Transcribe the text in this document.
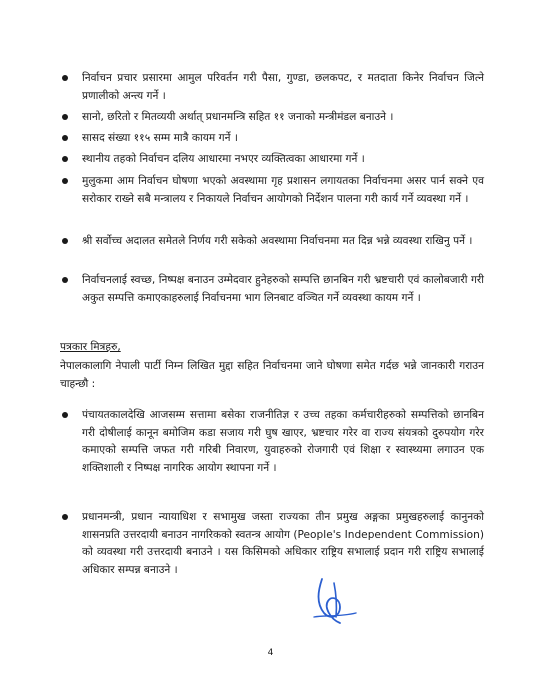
निर्वाचन प्रचार प्रसारमा आमुल परिवर्तन गरी पैसा, गुण्डा, छलकपट, र मतदाता किनेर निर्वाचन जित्ने प्रणालीको अन्त्य गर्ने ।
सानो, छरितो र मितव्ययी अर्थात् प्रधानमन्त्रि सहित ११ जनाको मन्त्रीमंडल बनाउने ।
सासद संख्या ११५ सम्म मात्रै कायम गर्ने ।
स्थानीय तहको निर्वाचन दलिय आधारमा नभएर व्यक्तित्वका आधारमा गर्ने ।
मुलुकमा आम निर्वाचन घोषणा भएको अवस्थामा गृह प्रशासन लगायतका निर्वाचनमा असर पार्न सक्ने एव सरोकार राख्ने सबै मन्त्रालय र निकायले निर्वाचन आयोगको निर्देशन पालना गरी कार्य गर्ने व्यवस्था गर्ने ।
श्री सर्वोच्च अदालत समेतले निर्णय गरी सकेको अवस्थामा निर्वाचनमा मत दिन्न भन्ने व्यवस्था राखिनु पर्ने ।
निर्वाचनलाई स्वच्छ, निष्पक्ष बनाउन उम्मेदवार हुनेहरुको सम्पत्ति छानबिन गरी भ्रष्टचारी एवं कालोबजारी गरी अकुत सम्पत्ति कमाएकाहरुलाई निर्वाचनमा भाग लिनबाट वञ्चित गर्ने व्यवस्था कायम गर्ने ।
पत्रकार मित्रहरु,
नेपालकालागि नेपाली पार्टी निम्न लिखित मुद्दा सहित निर्वाचनमा जाने घोषणा समेत गर्दछ भन्ने जानकारी गराउन चाहन्छौ :
पंचायतकालदेखि आजसम्म सत्तामा बसेका राजनीतिज्ञ र उच्च तहका कर्मचारीहरुको सम्पत्तिको छानबिन गरी दोषीलाई कानून बमोजिम कडा सजाय गरी घुष खाएर, भ्रष्टचार गरेर वा राज्य संयत्रको दुरुपयोग गरेर कमाएको सम्पत्ति जफत गरी गरिबी निवारण, युवाहरुको रोजगारी एवं शिक्षा र स्वास्थ्यमा लगाउन एक शक्तिशाली र निष्पक्ष नागरिक आयोग स्थापना गर्ने ।
प्रधानमन्त्री, प्रधान न्यायाधिश र सभामुख जस्ता राज्यका तीन प्रमुख अङ्गका प्रमुखहरुलाई कानुनको शासनप्रति उत्तरदायी बनाउन नागरिकको स्वतन्त्र आयोग (People's Independent Commission) को व्यवस्था गरी उत्तरदायी बनाउने । यस किसिमको अधिकार राष्ट्रिय सभालाई प्रदान गरी राष्ट्रिय सभालाई अधिकार सम्पन्न बनाउने ।
4
